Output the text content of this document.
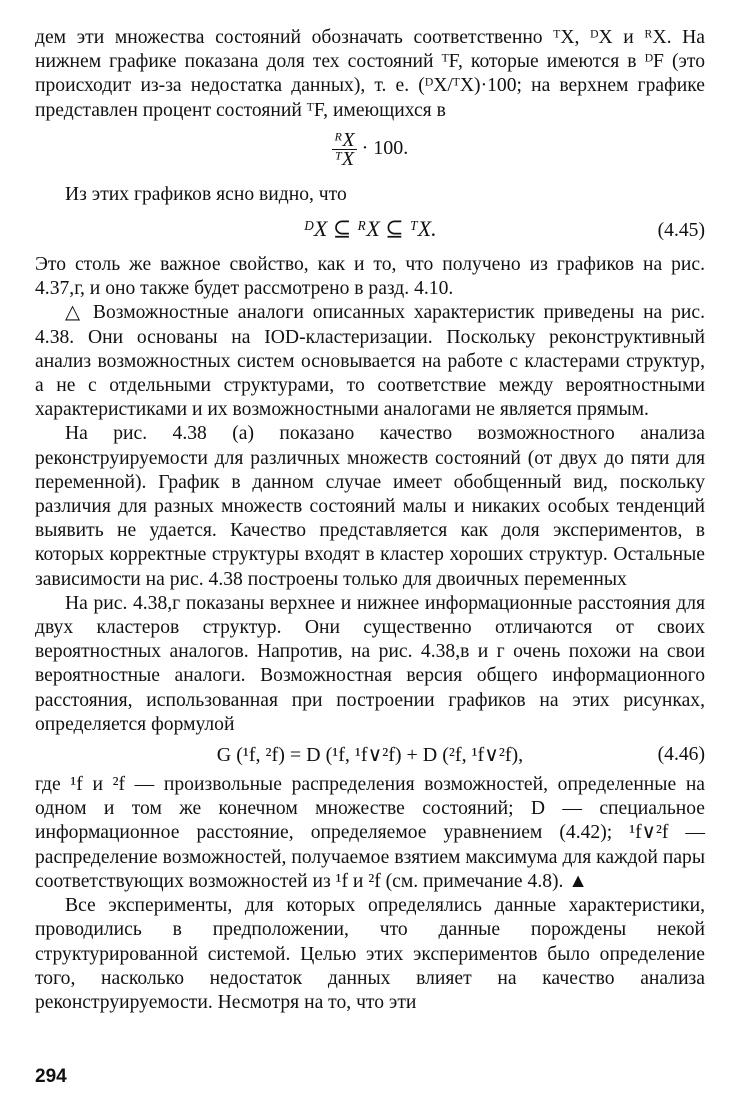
дем эти множества состояний обозначать соответственно ᵀX, ᴰX и ᴿX. На нижнем графике показана доля тех состояний ᵀF, которые имеются в ᴰF (это происходит из-за недостатка данных), т. е. (ᴰX/ᵀX)·100; на верхнем графике представлен процент состояний ᵀF, имеющихся в

$\frac{\text{ᴿX}}{\text{ᵀX}} \cdot 100$.

Из этих графиков ясно видно, что

ᴰX ⊆ ᴿX ⊆ ᵀX.	(4.45)

Это столь же важное свойство, как и то, что получено из графиков на рис. 4.37,г, и оно также будет рассмотрено в разд. 4.10.

△ Возможностные аналоги описанных характеристик приведены на рис. 4.38. Они основаны на IOD-кластеризации. Поскольку реконструктивный анализ возможностных систем основывается на работе с кластерами структур, а не с отдельными структурами, то соответствие между вероятностными характеристиками и их возможностными аналогами не является прямым.

На рис. 4.38 (а) показано качество возможностного анализа реконструируемости для различных множеств состояний (от двух до пяти для переменной). График в данном случае имеет обобщенный вид, поскольку различия для разных множеств состояний малы и никаких особых тенденций выявить не удается. Качество представляется как доля экспериментов, в которых корректные структуры входят в кластер хороших структур. Остальные зависимости на рис. 4.38 построены только для двоичных переменных

На рис. 4.38,г показаны верхнее и нижнее информационные расстояния для двух кластеров структур. Они существенно отличаются от своих вероятностных аналогов. Напротив, на рис. 4.38,в и г очень похожи на свои вероятностные аналоги. Возможностная версия общего информационного расстояния, использованная при построении графиков на этих рисунках, определяется формулой

G (¹f, ²f) = D (¹f, ¹f∨²f) + D (²f, ¹f∨²f),	(4.46)

где ¹f и ²f — произвольные распределения возможностей, определенные на одном и том же конечном множестве состояний; D — специальное информационное расстояние, определяемое уравнением (4.42); ¹f∨²f — распределение возможностей, получаемое взятием максимума для каждой пары соответствующих возможностей из ¹f и ²f (см. примечание 4.8). ▲

Все эксперименты, для которых определялись данные характеристики, проводились в предположении, что данные порождены некой структурированной системой. Целью этих экспериментов было определение того, насколько недостаток данных влияет на качество анализа реконструируемости. Несмотря на то, что эти

294
